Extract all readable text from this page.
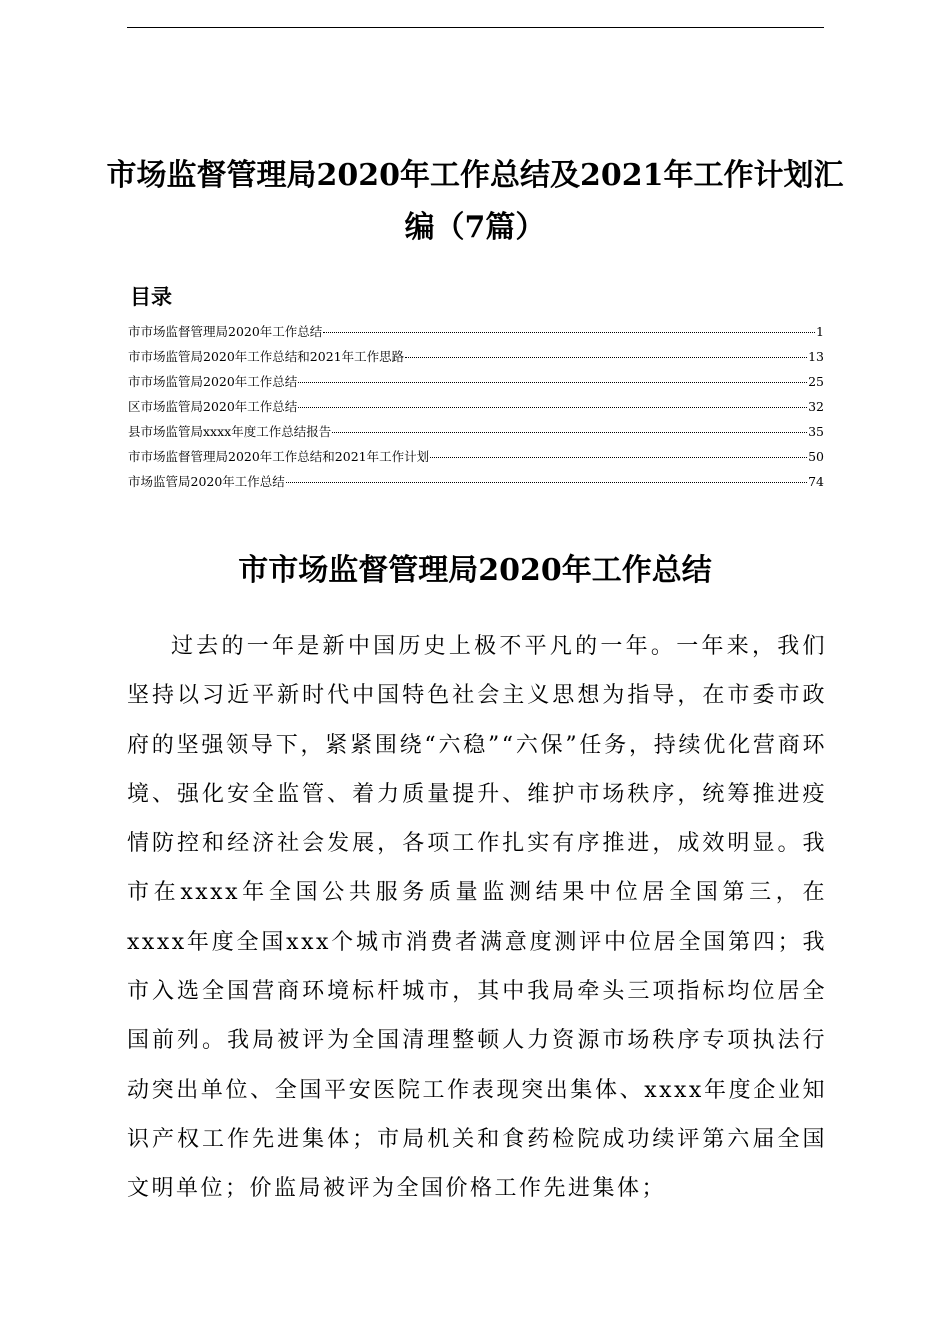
市场监督管理局2020年工作总结及2021年工作计划汇编（7篇）
目录
市市场监督管理局2020年工作总结	1
市市场监管局2020年工作总结和2021年工作思路	13
市市场监管局2020年工作总结	25
区市场监管局2020年工作总结	32
县市场监管局xxxx年度工作总结报告	35
市市场监督管理局2020年工作总结和2021年工作计划	50
市场监管局2020年工作总结	74
市市场监督管理局2020年工作总结

过去的一年是新中国历史上极不平凡的一年。一年来，我们坚持以习近平新时代中国特色社会主义思想为指导，在市委市政府的坚强领导下，紧紧围绕“六稳”“六保”任务，持续优化营商环境、强化安全监管、着力质量提升、维护市场秩序，统筹推进疫情防控和经济社会发展，各项工作扎实有序推进，成效明显。我市在xxxx年全国公共服务质量监测结果中位居全国第三，在xxxx年度全国xxx个城市消费者满意度测评中位居全国第四；我市入选全国营商环境标杆城市，其中我局牵头三项指标均位居全国前列。我局被评为全国清理整顿人力资源市场秩序专项执法行动突出单位、全国平安医院工作表现突出集体、xxxx年度企业知识产权工作先进集体；市局机关和食药检院成功续评第六届全国文明单位；价监局被评为全国价格工作先进集体；
